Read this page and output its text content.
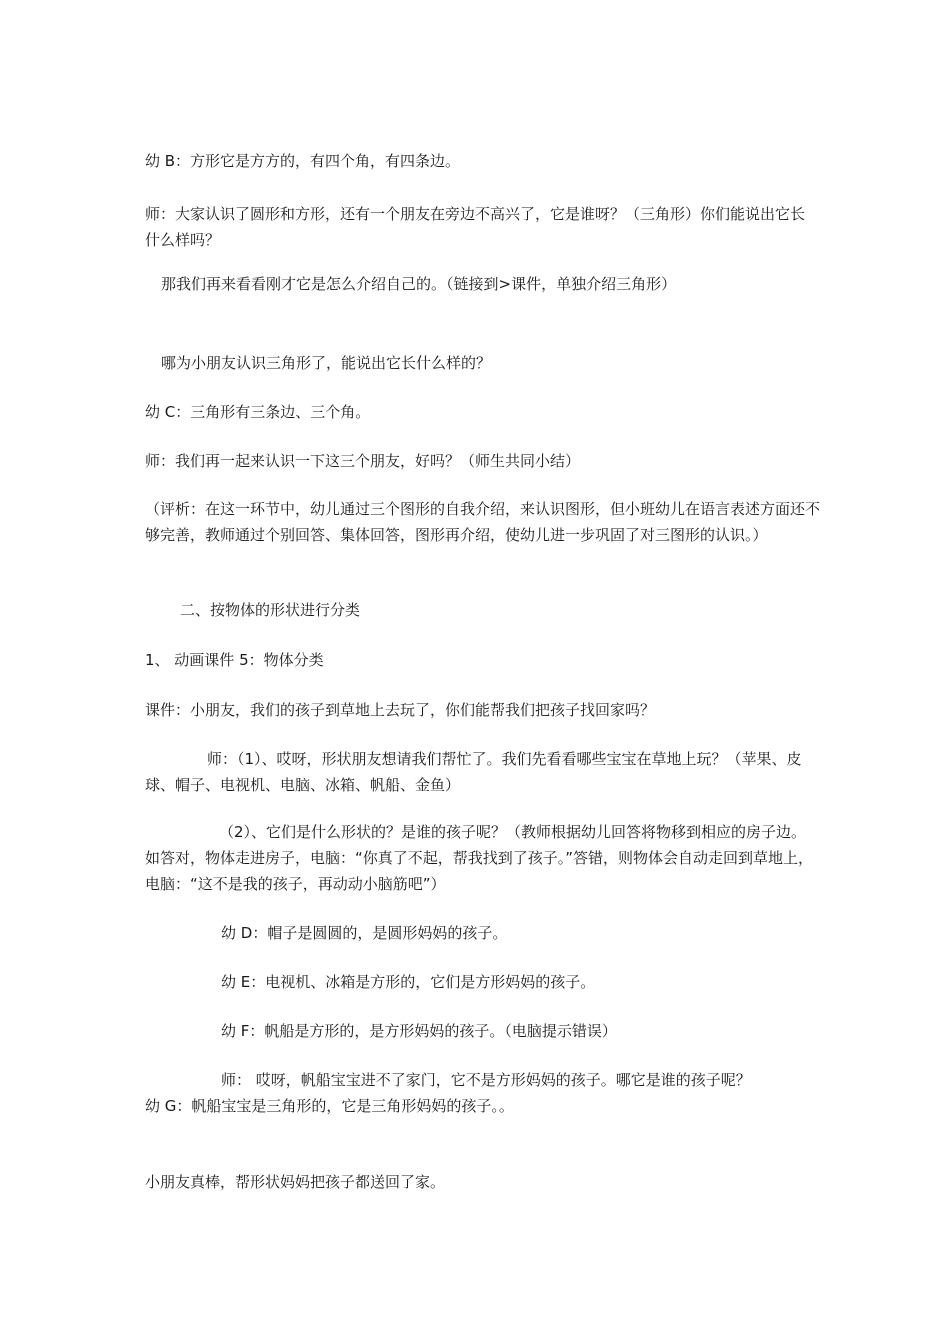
幼 B：方形它是方方的，有四个角，有四条边。

师：大家认识了圆形和方形，还有一个朋友在旁边不高兴了，它是谁呀？（三角形）你们能说出它长什么样吗？

那我们再来看看刚才它是怎么介绍自己的。（链接到>课件，单独介绍三角形）

哪为小朋友认识三角形了，能说出它长什么样的？

幼 C：三角形有三条边、三个角。

师：我们再一起来认识一下这三个朋友，好吗？（师生共同小结）

（评析：在这一环节中，幼儿通过三个图形的自我介绍，来认识图形，但小班幼儿在语言表述方面还不够完善，教师通过个别回答、集体回答，图形再介绍，使幼儿进一步巩固了对三图形的认识。）

二、按物体的形状进行分类

1、 动画课件 5：物体分类

课件：小朋友，我们的孩子到草地上去玩了，你们能帮我们把孩子找回家吗？

师：（1）、哎呀，形状朋友想请我们帮忙了。我们先看看哪些宝宝在草地上玩？（苹果、皮球、帽子、电视机、电脑、冰箱、帆船、金鱼）

（2）、它们是什么形状的？是谁的孩子呢？（教师根据幼儿回答将物移到相应的房子边。如答对，物体走进房子，电脑：“你真了不起，帮我找到了孩子。”答错，则物体会自动走回到草地上，电脑：“这不是我的孩子，再动动小脑筋吧”）

幼 D：帽子是圆圆的，是圆形妈妈的孩子。

幼 E：电视机、冰箱是方形的，它们是方形妈妈的孩子。

幼 F：帆船是方形的，是方形妈妈的孩子。（电脑提示错误）

师： 哎呀，帆船宝宝进不了家门，它不是方形妈妈的孩子。哪它是谁的孩子呢？

幼 G：帆船宝宝是三角形的，它是三角形妈妈的孩子。。

小朋友真棒，帮形状妈妈把孩子都送回了家。
